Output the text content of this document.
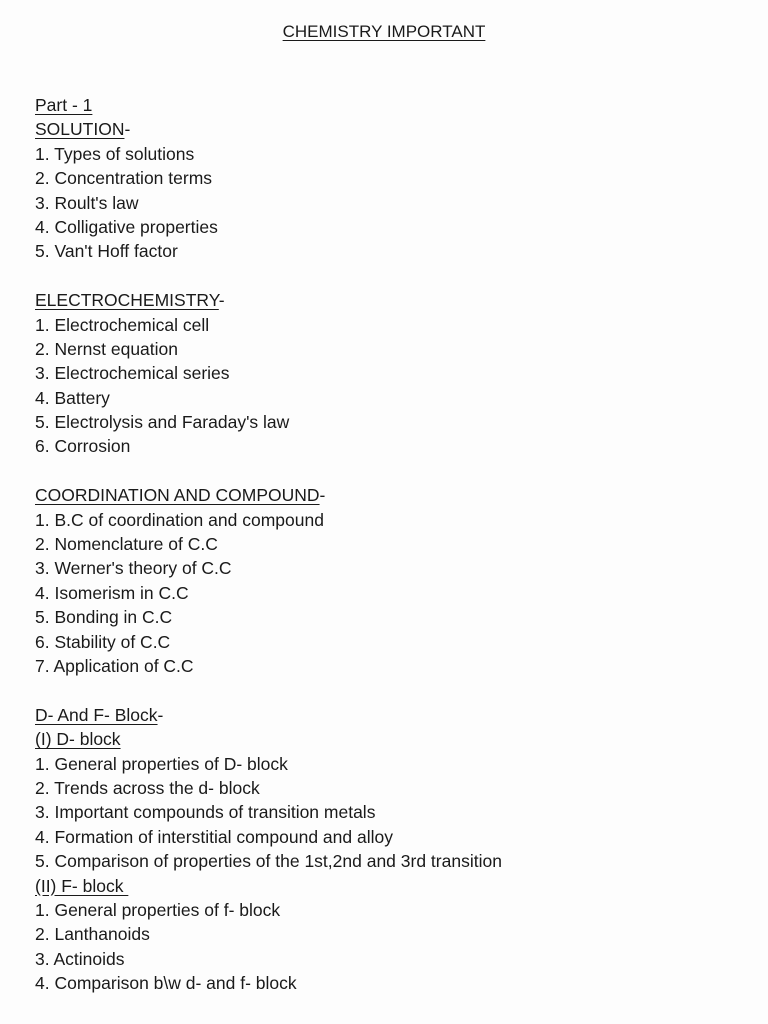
CHEMISTRY IMPORTANT
Part - 1
SOLUTION-
1. Types of solutions
2. Concentration terms
3. Roult's law
4. Colligative properties
5. Van't Hoff factor
ELECTROCHEMISTRY-
1. Electrochemical cell
2. Nernst equation
3. Electrochemical series
4. Battery
5. Electrolysis and Faraday's law
6. Corrosion
COORDINATION AND COMPOUND-
1. B.C of coordination and compound
2. Nomenclature of C.C
3. Werner's theory of C.C
4. Isomerism in C.C
5. Bonding in C.C
6. Stability of C.C
7. Application of C.C
D- And F- Block-
(I) D- block
1. General properties of D- block
2. Trends across the d- block
3. Important compounds of transition metals
4. Formation of interstitial compound and alloy
5. Comparison of properties of the 1st,2nd and 3rd transition
(II) F- block
1. General properties of f- block
2. Lanthanoids
3. Actinoids
4. Comparison b\w d- and f- block
